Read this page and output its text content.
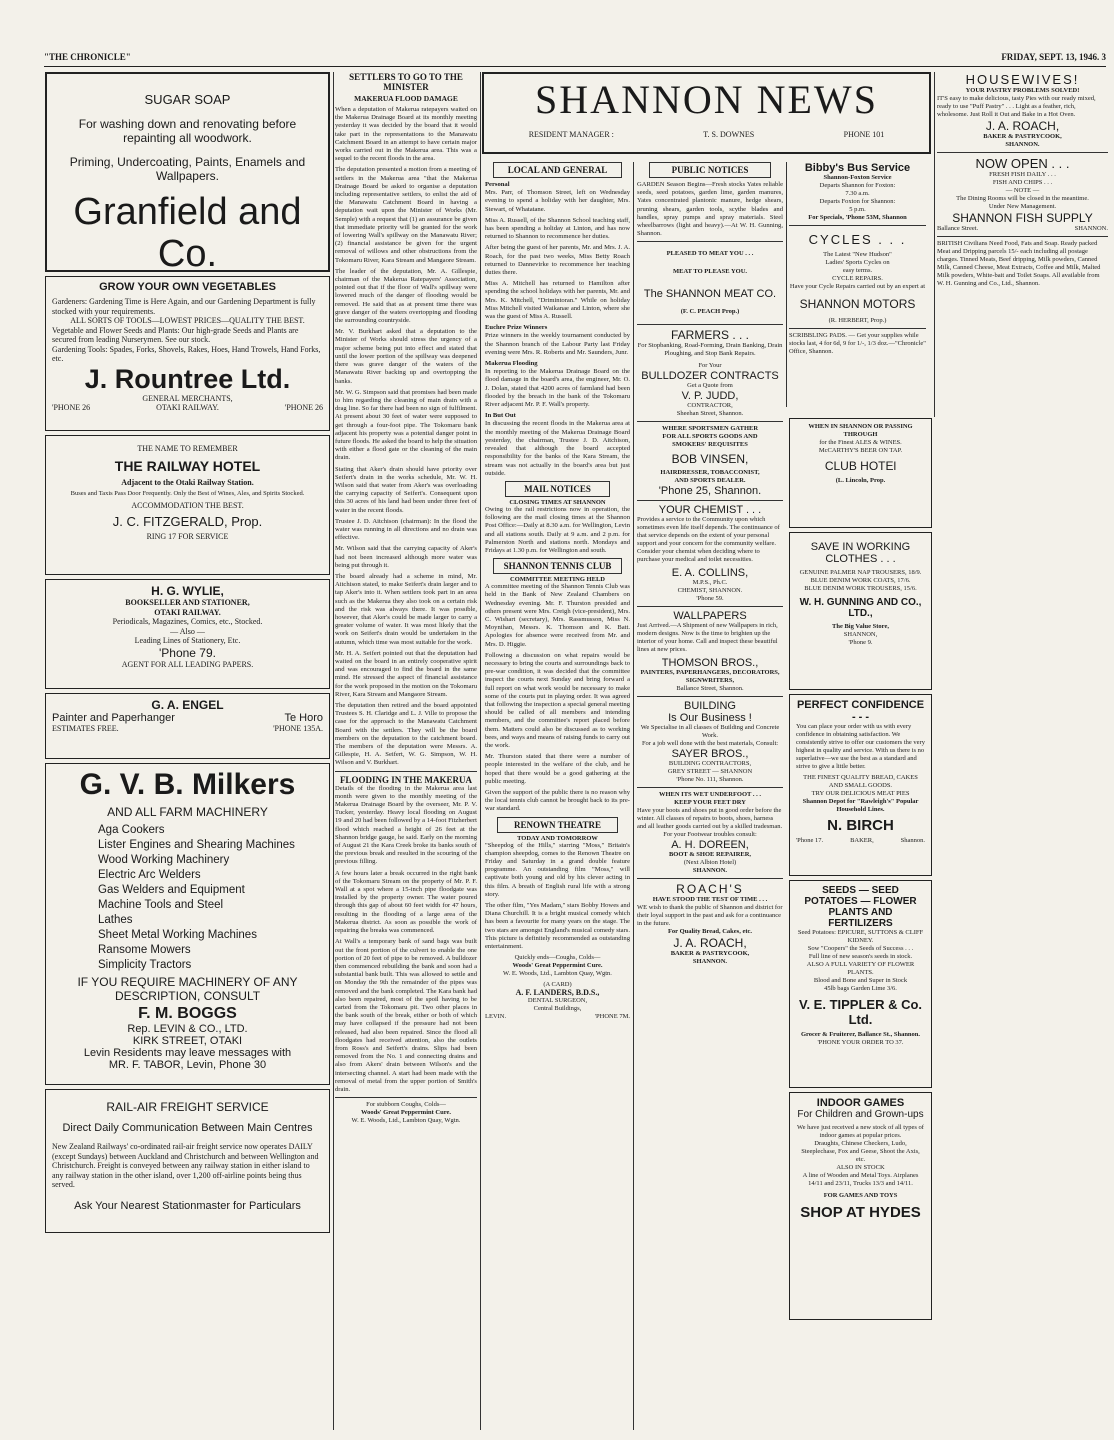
"THE CHRONICLE"	FRIDAY, SEPT. 13, 1946. 3
SUGAR SOAP
For washing down and renovating before repainting all woodwork.
Priming, Undercoating, Paints, Enamels and Wallpapers.
Granfield and Co.
GROW YOUR OWN VEGETABLES
Gardeners: Gardening Time is Here Again, and our Gardening Department is fully stocked with your requirements.
ALL SORTS OF TOOLS—LOWEST PRICES—QUALITY THE BEST.
Vegetable and Flower Seeds and Plants: Our high-grade Seeds and Plants are secured from leading Nurserymen. See our stock.
Gardening Tools: Spades, Forks, Shovels, Rakes, Hoes, Hand Trowels, Hand Forks, etc.
J. Rountree Ltd.
GENERAL MERCHANTS,
'PHONE 26	OTAKI RAILWAY.	'PHONE 26
THE NAME TO REMEMBER
THE RAILWAY HOTEL
Adjacent to the Otaki Railway Station.
Buses and Taxis Pass Door Frequently. Only the Best of Wines, Ales, and Spirits Stocked.
ACCOMMODATION THE BEST.
J. C. FITZGERALD, Prop.
RING 17 FOR SERVICE
H. G. WYLIE,
BOOKSELLER AND STATIONER,
OTAKI RAILWAY.
Periodicals, Magazines, Comics, etc., Stocked.
— Also —
Leading Lines of Stationery, Etc.
'Phone 79.
AGENT FOR ALL LEADING PAPERS.
G. A. ENGEL
Painter and Paperhanger	Te Horo
ESTIMATES FREE.	'PHONE 135A.
G. V. B. Milkers
AND ALL FARM MACHINERY
Aga Cookers
Lister Engines and Shearing Machines
Wood Working Machinery
Electric Arc Welders
Gas Welders and Equipment
Machine Tools and Steel
Lathes
Sheet Metal Working Machines
Ransome Mowers
Simplicity Tractors
IF YOU REQUIRE MACHINERY OF ANY DESCRIPTION, CONSULT
F. M. BOGGS
Rep. LEVIN & CO., LTD.
KIRK STREET, OTAKI
Levin Residents may leave messages with
MR. F. TABOR, Levin, Phone 30
RAIL-AIR FREIGHT SERVICE
Direct Daily Communication Between Main Centres
New Zealand Railways' co-ordinated rail-air freight service now operates DAILY (except Sundays) between Auckland and Christchurch and between Wellington and Christchurch. Freight is conveyed between any railway station in either island to any railway station in the other island, over 1,200 off-airline points being thus served.
Ask Your Nearest Stationmaster for Particulars
SETTLERS TO GO TO THE MINISTER
MAKERUA FLOOD DAMAGE

When a deputation of Makerua ratepayers waited on the Makerua Drainage Board at its monthly meeting yesterday it was decided by the board that it would take part in the representations to the Manawatu Catchment Board in an attempt to have certain major works carried out in the Makerua area. This was a sequel to the recent floods in the area.

The deputation presented a motion from a meeting of settlers in the Makerua area "that the Makerua Drainage Board be asked to organise a deputation including representative settlers, to enlist the aid of the Manawatu Catchment Board in having a deputation wait upon the Minister of Works (Mr. Semple) with a request that (1) an assurance be given that immediate priority will be granted for the work of lowering Wall's spillway on the Manawatu River; (2) financial assistance be given for the urgent removal of willows and other obstructions from the Tokomaru River, Kara Stream and Mangaore Stream.

The leader of the deputation, Mr. A. Gillespie, chairman of the Makerua Ratepayers' Association, pointed out that if the floor of Wall's spillway were lowered much of the danger of flooding would be removed. He said that as at present time there was grave danger of the waters overtopping and flooding the surrounding countryside.

Mr. V. Burkhart asked that a deputation to the Minister of Works should stress the urgency of a major scheme being put into effect and stated that until the lower portion of the spillway was deepened there was grave danger of the waters of the Manawatu River backing up and overtopping the banks.

Mr. W. G. Simpson said that promises had been made to him regarding the cleaning of main drain with a drag line. So far there had been no sign of fulfilment. At present about 30 feet of water were supposed to get through a four-foot pipe. The Tokomaru bank adjacent his property was a potential danger point in future floods. He asked the board to help the situation with either a flood gate or the cleaning of the main drain.

Stating that Aker's drain should have priority over Seifert's drain in the works schedule, Mr. W. H. Wilson said that water from Aker's was overloading the carrying capacity of Seifert's. Consequent upon this 30 acres of his land had been under three feet of water in the recent floods.

Trustee J. D. Aitchison (chairman): In the flood the water was running in all directions and no drain was effective.

Mr. Wilson said that the carrying capacity of Aker's had not been increased although more water was being put through it.

The board already had a scheme in mind, Mr. Aitchison stated, to make Seifert's drain larger and to tap Aker's into it. When settlers took part in an area such as the Makerua they also took on a certain risk and the risk was always there. It was possible, however, that Aker's could be made larger to carry a greater volume of water. It was most likely that the work on Seifert's drain would be undertaken in the autumn, which time was most suitable for the work.

Mr. H. A. Seifert pointed out that the deputation had waited on the board in an entirely cooperative spirit and was encouraged to find the board in the same mind. He stressed the aspect of financial assistance for the work proposed in the motion on the Tokomaru River, Kara Stream and Mangaore Stream.

The deputation then retired and the board appointed Trustees S. H. Claridge and L. J. Ville to propose the case for the approach to the Manawatu Catchment Board with the settlers. They will be the board members on the deputation to the catchment board. The members of the deputation were Messrs. A. Gillespie, H. A. Seifert, W. G. Simpson, W. H. Wilson and V. Burkhart.

FLOODING IN THE MAKERUA

Details of the flooding in the Makerua area last month were given to the monthly meeting of the Makerua Drainage Board by the overseer, Mr. P. V. Tucker, yesterday. Heavy local flooding on August 19 and 20 had been followed by a 14-foot Fitzherbert flood which reached a height of 26 feet at the Shannon bridge gauge, he said. Early on the morning of August 21 the Kara Creek broke its banks south of the previous break and resulted in the scouring of the previous filling.

A few hours later a break occurred in the right bank of the Tokomaru Stream on the property of Mr. P. F. Wall at a spot where a 15-inch pipe floodgate was installed by the property owner. The water poured through this gap of about 60 feet width for 47 hours, resulting in the flooding of a large area of the Makerua district. As soon as possible the work of repairing the breaks was commenced.

At Wall's a temporary bank of sand bags was built out the front portion of the culvert to enable the one portion of 20 feet of pipe to be removed. A bulldozer then commenced rebuilding the bank and soon had a substantial bank built. This was allowed to settle and on Monday the 9th the remainder of the pipes was removed and the bank completed. The Kara bank had also been repaired, most of the spoil having to be carted from the Tokomaru pit. Two other places in the bank south of the break, either or both of which may have collapsed if the pressure had not been released, had also been repaired. Since the flood all floodgates had received attention, also the outlets from Ross's and Seifert's drains. Slips had been removed from the No. 1 and connecting drains and also from Akers' drain between Wilson's and the intersecting channel. A start had been made with the removal of metal from the upper portion of Smith's drain.

For stubborn Coughs, Colds—
Woods' Great Peppermint Cure.
W. E. Woods, Ltd., Lambton Quay, Wgtn.
SHANNON NEWS
RESIDENT MANAGER :	T. S. DOWNES	PHONE 101
LOCAL AND GENERAL
Personal

Mrs. Parr, of Thomson Street, left on Wednesday evening to spend a holiday with her daughter, Mrs. Stewart, of Whatatane.

Miss A. Russell, of the Shannon School teaching staff, has been spending a holiday at Linton, and has now returned to Shannon to recommence her duties.

After being the guest of her parents, Mr. and Mrs. J. A. Roach, for the past two weeks, Miss Betty Roach returned to Dannevirke to recommence her teaching duties there.

Miss A. Mitchell has returned to Hamilton after spending the school holidays with her parents, Mr. and Mrs. K. Mitchell, "Drimintoran." While on holiday Miss Mitchell visited Waikanae and Linton, where she was the guest of Miss A. Russell.

Euchre Prize Winners

Prize winners in the weekly tournament conducted by the Shannon branch of the Labour Party last Friday evening were Mrs. R. Roberts and Mr. Saunders, Junr.

Makerua Flooding

In reporting to the Makerua Drainage Board on the flood damage in the board's area, the engineer, Mr. O. J. Dolan, stated that 4200 acres of farmland had been flooded by the breach in the bank of the Tokomaru River adjacent Mr. P. F. Wall's property.

In But Out

In discussing the recent floods in the Makerua area at the monthly meeting of the Makerua Drainage Board yesterday, the chairman, Trustee J. D. Aitchison, revealed that although the board accepted responsibility for the banks of the Kara Stream, the stream was not actually in the board's area but just outside.

MAIL NOTICES
CLOSING TIMES AT SHANNON

Owing to the rail restrictions now in operation, the following are the mail closing times at the Shannon Post Office:—Daily at 8.30 a.m. for Wellington, Levin and all stations south. Daily at 9 a.m. and 2 p.m. for Palmerston North and stations north. Mondays and Fridays at 1.30 p.m. for Wellington and south.

SHANNON TENNIS CLUB
COMMITTEE MEETING HELD

A committee meeting of the Shannon Tennis Club was held in the Bank of New Zealand Chambers on Wednesday evening. Mr. F. Thurston presided and others present were Mrs. Creigh (vice-president), Mrs. C. Wishart (secretary), Mrs. Rassmusson, Miss N. Moynihan, Messrs. K. Thomson and K. Batt. Apologies for absence were received from Mr. and Mrs. D. Higgie.

Following a discussion on what repairs would be necessary to bring the courts and surroundings back to pre-war condition, it was decided that the committee inspect the courts next Sunday and bring forward a full report on what work would be necessary to make some of the courts put in playing order. It was agreed that following the inspection a special general meeting should be called of all members and intending members, and the committee's report placed before them. Matters could also be discussed as to working bees, and ways and means of raising funds to carry out the work.

Mr. Thurston stated that there were a number of people interested in the welfare of the club, and he hoped that there would be a good gathering at the public meeting.

Given the support of the public there is no reason why the local tennis club cannot be brought back to its pre-war standard.

RENOWN THEATRE
TODAY AND TOMORROW

"Sheepdog of the Hills," starring "Moss," Britain's champion sheepdog, comes to the Renown Theatre on Friday and Saturday in a grand double feature programme. An outstanding film "Moss," will captivate both young and old by his clever acting in this film. A breath of English rural life with a strong story.

The other film, "Yes Madam," stars Bobby Howes and Diana Churchill. It is a bright musical comedy which has been a favourite for many years on the stage. The two stars are amongst England's musical comedy stars. This picture is definitely recommended as outstanding entertainment.

Quickly ends—Coughs, Colds—
Woods' Great Peppermint Cure.
W. E. Woods, Ltd., Lambton Quay, Wgtn.
(A CARD)
A. F. LANDERS, B.D.S.,
DENTAL SURGEON,
Central Buildings,
LEVIN.	'PHONE 7M.
PUBLIC NOTICES
GARDEN Season Begins—Fresh stocks Yates reliable seeds, seed potatoes, garden lime, garden manures, Yates concentrated plantonic manure, hedge shears, pruning shears, garden tools, scythe blades and handles, spray pumps and spray materials. Steel wheelbarrows (light and heavy).—At W. H. Gunning, Shannon.
PLEASED TO MEAT YOU . . .
MEAT TO PLEASE YOU.
The SHANNON MEAT CO.
(F. C. PEACH Prop.)
FARMERS . . .
For Stopbanking, Road-Forming, Drain Banking, Drain Ploughing, and Stop Bank Repairs.
For Your
BULLDOZER CONTRACTS
Get a Quote from
V. P. JUDD,
CONTRACTOR,
Sheehan Street, Shannon.
WHERE SPORTSMEN GATHER
FOR ALL SPORTS GOODS AND
SMOKERS' REQUISITES
BOB VINSEN,
HAIRDRESSER, TOBACCONIST,
AND SPORTS DEALER.
'Phone 25, Shannon.
YOUR CHEMIST . . .
Provides a service to the Community upon which sometimes even life itself depends. The continuance of that service depends on the extent of your personal support and your concern for the community welfare. Consider your chemist when deciding where to purchase your medical and toilet necessities.
E. A. COLLINS,
M.P.S., Ph.C.
CHEMIST, SHANNON.
'Phone 59.
WALLPAPERS
Just Arrived.—A Shipment of new Wallpapers in rich, modern designs. Now is the time to brighten up the interior of your home. Call and inspect these beautiful lines at new prices.
THOMSON BROS.,
PAINTERS, PAPERHANGERS, DECORATORS, SIGNWRITERS,
Ballance Street, Shannon.
BUILDING
Is Our Business !
We Specialise in all classes of Building and Concrete Work.
For a job well done with the best materials, Consult:
SAYER BROS.,
BUILDING CONTRACTORS,
GREY STREET — SHANNON
'Phone No. 111, Shannon.
WHEN ITS WET UNDERFOOT . . .
KEEP YOUR FEET DRY
Have your boots and shoes put in good order before the winter. All classes of repairs to boots, shoes, harness and all leather goods carried out by a skilled tradesman.
For your Footwear troubles consult:
A. H. DOREEN,
BOOT & SHOE REPAIRER,
(Next Albion Hotel)
SHANNON.
ROACH'S
HAVE STOOD THE TEST OF TIME . . .
WE wish to thank the public of Shannon and district for their loyal support in the past and ask for a continuance in the future.
For Quality Bread, Cakes, etc.
J. A. ROACH,
BAKER & PASTRYCOOK,
SHANNON.
Bibby's Bus Service
Shannon-Foxton Service
Departs Shannon for Foxton:
7.30 a.m.
Departs Foxton for Shannon:
5 p.m.
For Specials, 'Phone 53M, Shannon
CYCLES . . .
The Latest "New Hudson"
Ladies' Sports Cycles on
easy terms.
CYCLE REPAIRS.
Have your Cycle Repairs carried out by an expert at
SHANNON MOTORS
(R. HERBERT, Prop.)
SCRIBBLING PADS. — Get your supplies while stocks last, 4 for 6d, 9 for 1/-, 1/3 doz.—"Chronicle" Office, Shannon.
WHEN IN SHANNON OR PASSING THROUGH
for the Finest ALES & WINES.
McCARTHY'S BEER ON TAP.
CLUB HOTEl
(L. Lincoln, Prop.
SAVE IN WORKING CLOTHES . . .
GENUINE PALMER NAP TROUSERS, 18/9.
BLUE DENIM WORK COATS, 17/6.
BLUE DENIM WORK TROUSERS, 15/6.
W. H. GUNNING AND CO., LTD.,
The Big Value Store,
SHANNON,
'Phone 9.
PERFECT CONFIDENCE - - -
You can place your order with us with every confidence in obtaining satisfaction. We consistently strive to offer our customers the very highest in quality and service. With us there is no superlative—we use the best as a standard and strive to give a little better.
THE FINEST QUALITY BREAD, CAKES AND SMALL GOODS.
TRY OUR DELICIOUS MEAT PIES
Shannon Depot for "Rawleigh's" Popular Household Lines.
N. BIRCH
'Phone 17.	BAKER,	Shannon.
SEEDS — SEED POTATOES — FLOWER PLANTS AND FERTILIZERS
Seed Potatoes: EPICURE, SUTTONS & CLIFF KIDNEY.
Sow "Coopers" the Seeds of Success . . .
Full line of new season's seeds in stock.
ALSO A FULL VARIETY OF FLOWER PLANTS.
Blood and Bone and Super in Stock
45lb bags Garden Lime 3/6.
V. E. TIPPLER & Co. Ltd.
Grocer & Fruiterer, Ballance St., Shannon.
'PHONE YOUR ORDER TO 37.
INDOOR GAMES
For Children and Grown-ups
We have just received a new stock of all types of indoor games at popular prices.
Draughts, Chinese Checkers, Ludo, Steeplechase, Fox and Geese, Shoot the Axis, etc.
ALSO IN STOCK
A line of Wooden and Metal Toys. Airplanes 14/11 and 23/11, Trucks 13/3 and 14/11.
FOR GAMES AND TOYS
SHOP AT HYDES
HOUSEWIVES!
YOUR PASTRY PROBLEMS SOLVED!
IT'S easy to make delicious, tasty Pies with our ready mixed, ready to use "Puff Pastry" . . . Light as a feather, rich, wholesome. Just Roll it Out and Bake in a Hot Oven.
J. A. ROACH,
BAKER & PASTRYCOOK,
SHANNON.
NOW OPEN . . .
FRESH FISH DAILY . . .
FISH AND CHIPS . . .
— NOTE —
The Dining Rooms will be closed in the meantime.
Under New Management.
SHANNON FISH SUPPLY
Ballance Street.	SHANNON.
BRITISH Civilians Need Food, Fats and Soap. Ready packed Meat and Dripping parcels 15/- each including all postage charges. Tinned Meats, Beef dripping, Milk powders, Canned Milk, Canned Cheese, Meat Extracts, Coffee and Milk, Malted Milk powders, White-bait and Toilet Soaps. All available from W. H. Gunning and Co., Ltd., Shannon.
